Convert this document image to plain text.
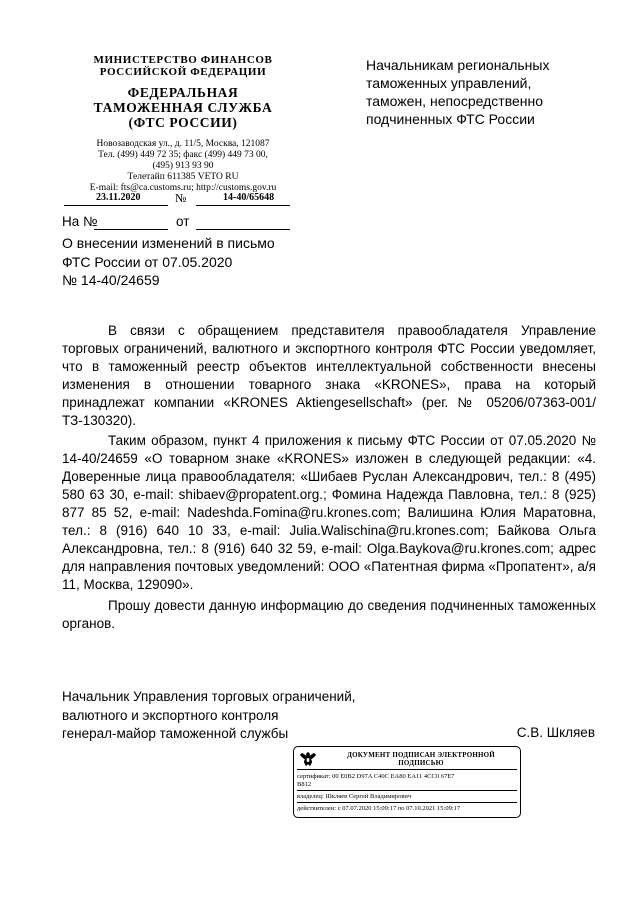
МИНИСТЕРСТВО ФИНАНСОВ
РОССИЙСКОЙ ФЕДЕРАЦИИ
ФЕДЕРАЛЬНАЯ
ТАМОЖЕННАЯ СЛУЖБА
(ФТС РОССИИ)
Новозаводская ул., д. 11/5, Москва, 121087
Тел. (499) 449 72 35; факс (499) 449 73 00,
(495) 913 93 90
Телетайп 611385 VETO RU
E-mail: fts@ca.customs.ru; http://customs.gov.ru
23.11.2020	№	14-40/65648
На №	от
Начальникам региональных
таможенных управлений,
таможен, непосредственно
подчиненных ФТС России
О внесении изменений в письмо
ФТС России от 07.05.2020
№ 14-40/24659

В связи с обращением представителя правообладателя Управление торговых ограничений, валютного и экспортного контроля ФТС России уведомляет, что в таможенный реестр объектов интеллектуальной собственности внесены изменения в отношении товарного знака «KRONES», права на который принадлежат компании «KRONES Aktiengesellschaft» (рег. № 05206/07363-001/ТЗ-130320).

Таким образом, пункт 4 приложения к письму ФТС России от 07.05.2020 № 14-40/24659 «О товарном знаке «KRONES» изложен в следующей редакции: «4. Доверенные лица правообладателя: «Шибаев Руслан Александрович, тел.: 8 (495) 580 63 30, e-mail: shibaev@propatent.org.; Фомина Надежда Павловна, тел.: 8 (925) 877 85 52, e-mail: Nadeshda.Fomina@ru.krones.com; Валишина Юлия Маратовна, тел.: 8 (916) 640 10 33, e-mail: Julia.Walischina@ru.krones.com; Байкова Ольга Александровна, тел.: 8 (916) 640 32 59, e-mail: Olga.Baykova@ru.krones.com; адрес для направления почтовых уведомлений: ООО «Патентная фирма «Пропатент», а/я 11, Москва, 129090».

Прошу довести данную информацию до сведения подчиненных таможенных органов.

Начальник Управления торговых ограничений,
валютного и экспортного контроля
генерал-майор таможенной службы	С.В. Шкляев
ДОКУМЕНТ ПОДПИСАН ЭЛЕКТРОННОЙ
ПОДПИСЬЮ
сертификат: 00 E0B2 D97A C40C EA80 EA11 4CC0 67E7
B812
владелец: Шкляев Сергей Владимирович
действителен: с 07.07.2020 15:09:17 по 07.10.2021 15:09:17
